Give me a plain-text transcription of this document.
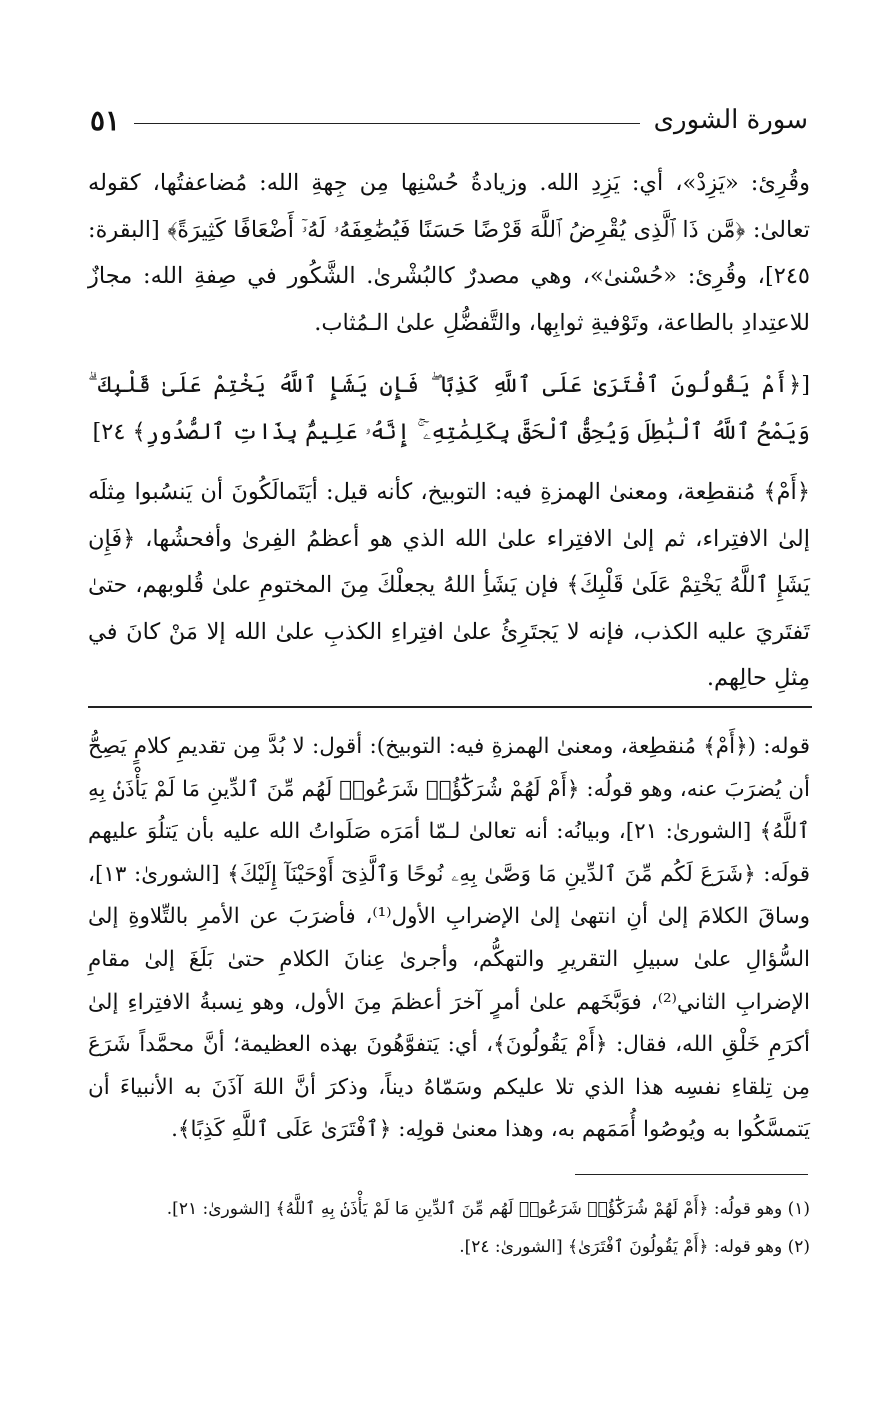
سورة الشورى
٥١

وقُرِئ: «يَزِدْ»، أي: يَزِدِ الله. وزيادةُ حُسْنِها مِن جِهةِ الله: مُضاعفتُها، كقوله تعالىٰ: ﴿مَّن ذَا ٱلَّذِى يُقْرِضُ ٱللَّهَ قَرْضًا حَسَنًا فَيُضَٰعِفَهُۥ لَهُۥٓ أَضْعَافًا كَثِيرَةً﴾ [البقرة: ٢٤٥]، وقُرِئ: «حُسْنىٰ»، وهي مصدرٌ كالبُشْرىٰ. الشَّكُور في صِفةِ الله: مجازٌ للاعتِدادِ بالطاعة، وتَوْفيةِ ثوابِها، والتَّفضُّلِ علىٰ الـمُثاب.

[﴿أَمْ يَقُولُونَ ٱفْتَرَىٰ عَلَى ٱللَّهِ كَذِبًا ۖ فَإِن يَشَإِ ٱللَّهُ يَخْتِمْ عَلَىٰ قَلْبِكَ ۗ وَيَمْحُ ٱللَّهُ ٱلْبَٰطِلَ وَيُحِقُّ ٱلْحَقَّ بِكَلِمَٰتِهِۦٓ ۚ إِنَّهُۥ عَلِيمٌۢ بِذَاتِ ٱلصُّدُورِ﴾ ٢٤]

﴿أَمْ﴾ مُنقطِعة، ومعنىٰ الهمزةِ فيه: التوبيخ، كأنه قيل: أيَتَمالَكُونَ أن يَنسُبوا مِثلَه إلىٰ الافتِراء، ثم إلىٰ الافتِراء علىٰ الله الذي هو أعظمُ الفِرىٰ وأفحشُها، ﴿فَإِن يَشَإِ ٱللَّهُ يَخْتِمْ عَلَىٰ قَلْبِكَ﴾ فإن يَشَأِ اللهُ يجعلْكَ مِنَ المختومِ علىٰ قُلوبهم، حتىٰ تَفتَريَ عليه الكذب، فإنه لا يَجتَرِئُ علىٰ افتِراءِ الكذبِ علىٰ الله إلا مَنْ كانَ في مِثلِ حالِهم.

قوله: (﴿أَمْ﴾ مُنقطِعة، ومعنىٰ الهمزةِ فيه: التوبيخ): أقول: لا بُدَّ مِن تقديمِ كلامٍ يَصِحُّ أن يُضرَبَ عنه، وهو قولُه: ﴿أَمْ لَهُمْ شُرَكَٰٓؤُا۟ شَرَعُوا۟ لَهُم مِّنَ ٱلدِّينِ مَا لَمْ يَأْذَنۢ بِهِ ٱللَّهُ﴾ [الشورىٰ: ٢١]، وبيانُه: أنه تعالىٰ لـمّا أمَرَه صَلَواتُ الله عليه بأن يَتلُوَ عليهم قولَه: ﴿شَرَعَ لَكُم مِّنَ ٱلدِّينِ مَا وَصَّىٰ بِهِۦ نُوحًا وَٱلَّذِىٓ أَوْحَيْنَآ إِلَيْكَ﴾ [الشورىٰ: ١٣]، وساقَ الكلامَ إلىٰ أنِ انتهىٰ إلىٰ الإضرابِ الأول⁽¹⁾، فأضرَبَ عن الأمرِ بالتِّلاوةِ إلىٰ السُّؤالِ علىٰ سبيلِ التقريرِ والتهكُّم، وأجرىٰ عِنانَ الكلامِ حتىٰ بَلَغَ إلىٰ مقامِ الإضرابِ الثاني⁽²⁾، فوَبَّخَهم علىٰ أمرٍ آخرَ أعظمَ مِنَ الأول، وهو نِسبةُ الافتِراءِ إلىٰ أكرَمِ خَلْقِ الله، فقال: ﴿أَمْ يَقُولُونَ﴾، أي: يَتفوَّهُونَ بهذه العظيمة؛ أنَّ محمَّداً شَرَعَ مِن تِلقاءِ نفسِه هذا الذي تلا عليكم وسَمّاهُ ديناً، وذكرَ أنَّ اللهَ آذَنَ به الأنبياءَ أن يَتمسَّكُوا به ويُوصُوا أُمَمَهم به، وهذا معنىٰ قولِه: ﴿ٱفْتَرَىٰ عَلَى ٱللَّهِ كَذِبًا﴾.

(١) وهو قولُه: ﴿أَمْ لَهُمْ شُرَكَٰٓؤُا۟ شَرَعُوا۟ لَهُم مِّنَ ٱلدِّينِ مَا لَمْ يَأْذَنۢ بِهِ ٱللَّهُ﴾ [الشورىٰ: ٢١].

(٢) وهو قوله: ﴿أَمْ يَقُولُونَ ٱفْتَرَىٰ﴾ [الشورىٰ: ٢٤].
